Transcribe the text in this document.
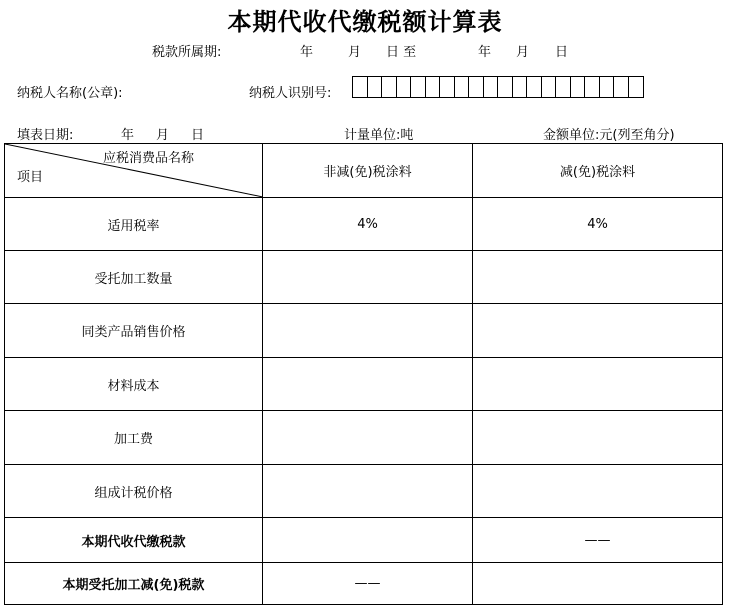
本期代收代缴税额计算表
税款所属期:	年	月 日 至	年 月 日
纳税人名称(公章):	纳税人识别号:
填表日期:	年 月 日	计量单位:吨	金额单位:元(列至角分)
应税消费品名称
项目	非减(免)税涂料	减(免)税涂料
适用税率	4%	4%
受托加工数量		
同类产品销售价格		
材料成本		
加工费		
组成计税价格		
本期代收代缴税款		——
本期受托加工减(免)税款	——	
